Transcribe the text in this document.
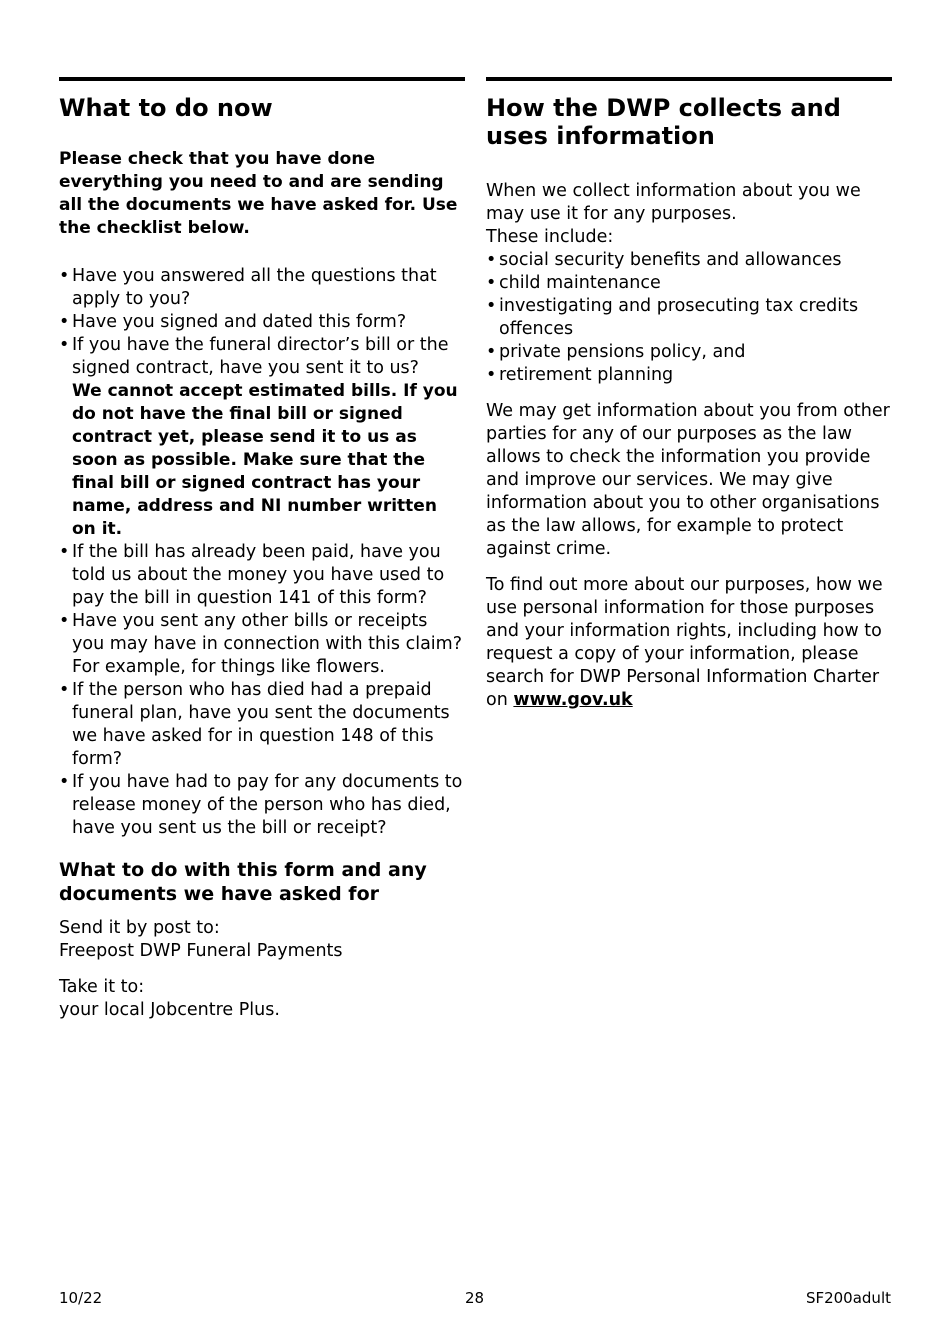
What to do now

Please check that you have done everything you need to and are sending all the documents we have asked for. Use the checklist below.

• Have you answered all the questions that apply to you?
• Have you signed and dated this form?
• If you have the funeral director’s bill or the signed contract, have you sent it to us?
We cannot accept estimated bills. If you do not have the final bill or signed contract yet, please send it to us as soon as possible. Make sure that the final bill or signed contract has your name, address and NI number written on it.
• If the bill has already been paid, have you told us about the money you have used to pay the bill in question 141 of this form?
• Have you sent any other bills or receipts you may have in connection with this claim? For example, for things like flowers.
• If the person who has died had a prepaid funeral plan, have you sent the documents we have asked for in question 148 of this form?
• If you have had to pay for any documents to release money of the person who has died, have you sent us the bill or receipt?
What to do with this form and any documents we have asked for

Send it by post to:

Freepost DWP Funeral Payments

Take it to:

your local Jobcentre Plus.

How the DWP collects and uses information

When we collect information about you we may use it for any purposes.

These include:

• social security benefits and allowances
• child maintenance
• investigating and prosecuting tax credits offences
• private pensions policy, and
• retirement planning

We may get information about you from other parties for any of our purposes as the law allows to check the information you provide and improve our services. We may give information about you to other organisations as the law allows, for example to protect against crime.

To find out more about our purposes, how we use personal information for those purposes and your information rights, including how to request a copy of your information, please search for DWP Personal Information Charter on www.gov.uk

10/22	28	SF200adult
